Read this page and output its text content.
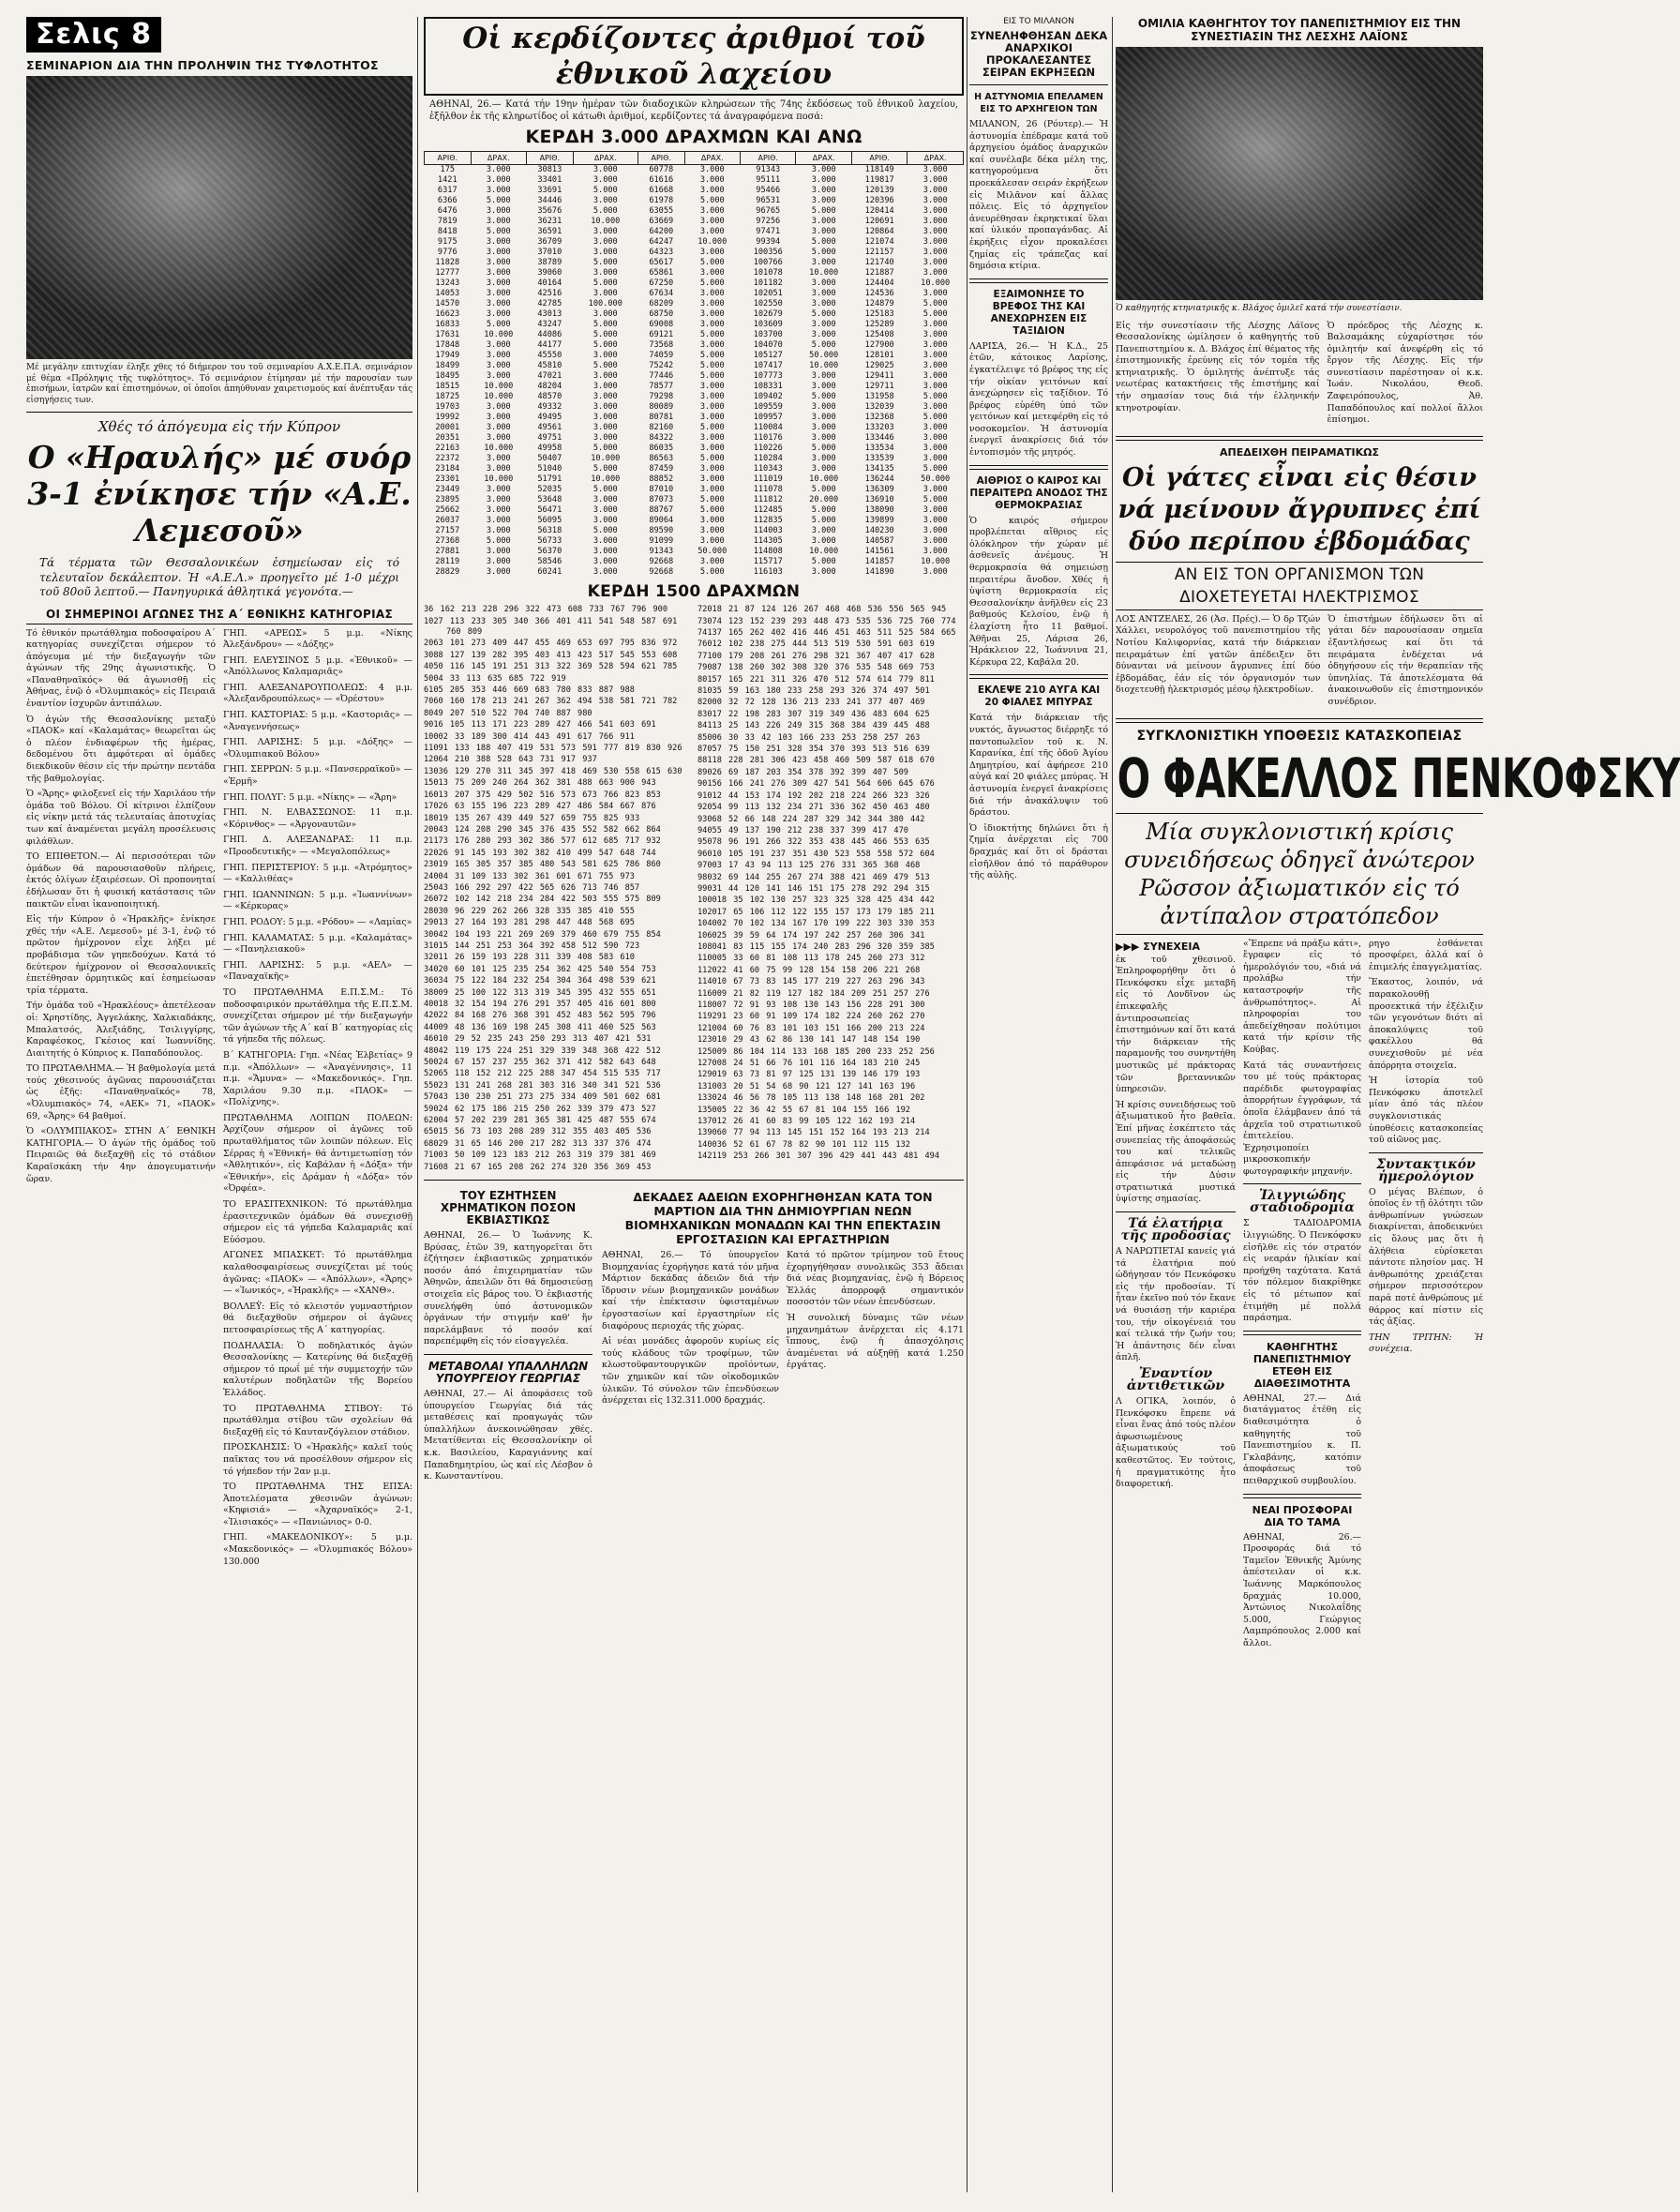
Σελις 8
ΣΕΜΙΝΑΡΙΟΝ ΔΙΑ ΤΗΝ ΠΡΟΛΗΨΙΝ ΤΗΣ ΤΥΦΛΟΤΗΤΟΣ

Μέ μεγάλην επιτυχίαν έληξε χθες τό διήμερον του τοῦ σεμιναρίου Α.Χ.Ε.Π.Α. σεμινάριον μέ θέμα «Πρόληψις τῆς τυφλότητος». Τό σεμινάριον ἐτίμησαν μέ τήν παρουσίαν των ἐπισήμων, ἰατρῶν καί ἐπιστημόνων, οἱ ὁποῖοι ἀπηύθυναν χαιρετισμούς καί ἀνέπτυξαν τάς εἰσηγήσεις των.

Χθές τό ἀπόγευμα εἰς τήν Κύπρον
Ο «Ηραυλής» μέ συόρ 3-1 ἐνίκησε τήν «Α.Ε. Λεμεσοῦ»

Τά τέρματα τῶν Θεσσαλονικέων ἐσημείωσαν εἰς τό τελευταῖον δεκάλεπτον. Ἡ «Α.Ε.Λ.» προηγεῖτο μέ 1-0 μέχρι τοῦ 80οῦ λεπτοῦ.— Πανηγυρικά ἀθλητικά γεγονότα.—

ΟΙ ΣΗΜΕΡΙΝΟΙ ΑΓΩΝΕΣ ΤΗΣ Α΄ ΕΘΝΙΚΗΣ ΚΑΤΗΓΟΡΙΑΣ

Τό ἐθνικόν πρωτάθλημα ποδοσφαίρου Α΄ κατηγορίας συνεχίζεται σήμερον τό ἀπόγευμα μέ τήν διεξαγωγήν τῶν ἀγώνων τῆς 29ης ἀγωνιστικῆς. Ὁ «Παναθηναϊκός» θά ἀγωνισθῇ εἰς Ἀθήνας, ἐνῷ ὁ «Ὀλυμπιακός» εἰς Πειραιᾶ ἐναντίον ἰσχυρῶν ἀντιπάλων.

Ὁ ἀγών τῆς Θεσσαλονίκης μεταξύ «ΠΑΟΚ» καί «Καλαμάτας» θεωρεῖται ὡς ὁ πλέον ἐνδιαφέρων τῆς ἡμέρας, δεδομένου ὅτι ἀμφότεραι αἱ ὁμάδες διεκδικοῦν θέσιν εἰς τήν πρώτην πεντάδα τῆς βαθμολογίας.

Ὁ «Ἄρης» φιλοξενεῖ εἰς τήν Χαριλάου τήν ὁμάδα τοῦ Βόλου. Οἱ κίτρινοι ἐλπίζουν εἰς νίκην μετά τάς τελευταίας ἀποτυχίας των καί ἀναμένεται μεγάλη προσέλευσις φιλάθλων.

ΤΟ ΕΠΙΘΕΤΟΝ.— Αἱ περισσότεραι τῶν ὁμάδων θά παρουσιασθοῦν πλήρεις, ἐκτός ὀλίγων ἐξαιρέσεων. Οἱ προπονηταί ἐδήλωσαν ὅτι ἡ φυσική κατάστασις τῶν παικτῶν εἶναι ἱκανοποιητική.

Εἰς τήν Κύπρον ὁ «Ἡρακλῆς» ἐνίκησε χθές τήν «Α.Ε. Λεμεσοῦ» μέ 3-1, ἐνῷ τό πρῶτον ἡμίχρονον εἶχε λήξει μέ προβάδισμα τῶν γηπεδούχων. Κατά τό δεύτερον ἡμίχρονον οἱ Θεσσαλονικεῖς ἐπετέθησαν ὁρμητικῶς καί ἐσημείωσαν τρία τέρματα.

Τήν ὁμάδα τοῦ «Ἡρακλέους» ἀπετέλεσαν οἱ: Χρηστίδης, Ἀγγελάκης, Χαλκιαδάκης, Μπαλατσός, Ἀλεξιάδης, Τσιλιγγίρης, Καραφέσκος, Γκέσιος καί Ἰωαννίδης. Διαιτητής ὁ Κύπριος κ. Παπαδόπουλος.

ΤΟ ΠΡΩΤΑΘΛΗΜΑ.— Ἡ βαθμολογία μετά τούς χθεσινούς ἀγῶνας παρουσιάζεται ὡς ἑξῆς: «Παναθηναϊκός» 78, «Ὀλυμπιακός» 74, «ΑΕΚ» 71, «ΠΑΟΚ» 69, «Ἄρης» 64 βαθμοί.

Ὁ «ΟΛΥΜΠΙΑΚΟΣ» ΣΤΗΝ Α΄ ΕΘΝΙΚΗ ΚΑΤΗΓΟΡΙΑ.— Ὁ ἀγών τῆς ὁμάδος τοῦ Πειραιῶς θά διεξαχθῇ εἰς τό στάδιον Καραϊσκάκη τήν 4ην ἀπογευματινήν ὥραν.

ΓΗΠ. «ΑΡΕΩΣ» 5 μ.μ. «Νίκης Ἀλεξάνδρου» — «Δόξης»

ΓΗΠ. ΕΛΕΥΣΙΝΟΣ 5 μ.μ. «Ἐθνικοῦ» — «Ἀπόλλωνος Καλαμαριᾶς»

ΓΗΠ. ΑΛΕΞΑΝΔΡΟΥΠΟΛΕΩΣ: 4 μ.μ. «Ἀλεξανδρουπόλεως» — «Ὀρέστου»

ΓΗΠ. ΚΑΣΤΟΡΙΑΣ: 5 μ.μ. «Καστοριᾶς» — «Ἀναγεννήσεως»

ΓΗΠ. ΛΑΡΙΣΗΣ: 5 μ.μ. «Δόξης» — «Ὀλυμπιακοῦ Βόλου»

ΓΗΠ. ΣΕΡΡΩΝ: 5 μ.μ. «Πανσερραϊκοῦ» — «Ἑρμῆ»

ΓΗΠ. ΠΟΛΥΓ: 5 μ.μ. «Νίκης» — «Ἄρη»

ΓΗΠ. Ν. ΕΛΒΑΣΣΩΝΟΣ: 11 π.μ. «Κόρινθος» — «Ἀργοναυτῶν»

ΓΗΠ. Δ. ΑΛΕΞΑΝΔΡΑΣ: 11 π.μ. «Προοδευτικῆς» — «Μεγαλοπόλεως»

ΓΗΠ. ΠΕΡΙΣΤΕΡΙΟΥ: 5 μ.μ. «Ἀτρόμητος» — «Καλλιθέας»

ΓΗΠ. ΙΩΑΝΝΙΝΩΝ: 5 μ.μ. «Ἰωαννίνων» — «Κέρκυρας»

ΓΗΠ. ΡΟΔΟΥ: 5 μ.μ. «Ρόδου» — «Λαμίας»

ΓΗΠ. ΚΑΛΑΜΑΤΑΣ: 5 μ.μ. «Καλαμάτας» — «Πανηλειακοῦ»

ΓΗΠ. ΛΑΡΙΣΗΣ: 5 μ.μ. «ΑΕΛ» — «Παναχαϊκῆς»

ΤΟ ΠΡΩΤΑΘΛΗΜΑ Ε.Π.Σ.Μ.: Τό ποδοσφαιρικόν πρωτάθλημα τῆς Ε.Π.Σ.Μ. συνεχίζεται σήμερον μέ τήν διεξαγωγήν τῶν ἀγώνων τῆς Α΄ καί Β΄ κατηγορίας εἰς τά γήπεδα τῆς πόλεως.

Β΄ ΚΑΤΗΓΟΡΙΑ: Γηπ. «Νέας Ἑλβετίας» 9 π.μ. «Ἀπόλλων» — «Ἀναγέννησις», 11 π.μ. «Ἄμυνα» — «Μακεδονικός». Γηπ. Χαριλάου 9.30 π.μ. «ΠΑΟΚ» — «Πολίχνης».

ΠΡΩΤΑΘΛΗΜΑ ΛΟΙΠΩΝ ΠΟΛΕΩΝ: Ἀρχίζουν σήμερον οἱ ἀγῶνες τοῦ πρωταθλήματος τῶν λοιπῶν πόλεων. Εἰς Σέρρας ἡ «Ἐθνική» θά ἀντιμετωπίσῃ τόν «Ἀθλητικόν», εἰς Καβάλαν ἡ «Δόξα» τήν «Ἐθνικήν», εἰς Δράμαν ἡ «Δόξα» τόν «Ὀρφέα».

ΤΟ ΕΡΑΣΙΤΕΧΝΙΚΟΝ: Τό πρωτάθλημα ἐρασιτεχνικῶν ὁμάδων θά συνεχισθῇ σήμερον εἰς τά γήπεδα Καλαμαριᾶς καί Εὐόσμου.

ΑΓΩΝΕΣ ΜΠΑΣΚΕΤ: Τό πρωτάθλημα καλαθοσφαιρίσεως συνεχίζεται μέ τούς ἀγῶνας: «ΠΑΟΚ» — «Ἀπόλλων», «Ἄρης» — «Ἰωνικός», «Ἡρακλῆς» — «ΧΑΝΘ».

ΒΟΛΛΕΫ: Εἰς τό κλειστόν γυμναστήριον θά διεξαχθοῦν σήμερον οἱ ἀγῶνες πετοσφαιρίσεως τῆς Α΄ κατηγορίας.

ΠΟΔΗΛΑΣΙΑ: Ὁ ποδηλατικός ἀγών Θεσσαλονίκης — Κατερίνης θά διεξαχθῇ σήμερον τό πρωΐ μέ τήν συμμετοχήν τῶν καλυτέρων ποδηλατῶν τῆς Βορείου Ἑλλάδος.

ΤΟ ΠΡΩΤΑΘΛΗΜΑ ΣΤΙΒΟΥ: Τό πρωτάθλημα στίβου τῶν σχολείων θά διεξαχθῇ εἰς τό Καυτανζόγλειον στάδιον.

ΠΡΟΣΚΛΗΣΙΣ: Ὁ «Ἡρακλῆς» καλεῖ τούς παῖκτας του νά προσέλθουν σήμερον εἰς τό γήπεδον τήν 2αν μ.μ.

ΤΟ ΠΡΩΤΑΘΛΗΜΑ ΤΗΣ ΕΠΣΑ: Ἀποτελέσματα χθεσινῶν ἀγώνων: «Κηφισιά» — «Ἀχαρναϊκός» 2-1, «Ἰλισιακός» — «Πανιώνιος» 0-0.

ΓΗΠ. «ΜΑΚΕΔΟΝΙΚΟΥ»: 5 μ.μ. «Μακεδονικός» — «Ὀλυμπιακός Βόλου» 130.000

Οἱ κερδίζοντες ἀριθμοί τοῦ ἐθνικοῦ λαχείου

ΑΘΗΝΑΙ, 26.— Κατά τήν 19ην ἡμέραν τῶν διαδοχικῶν κληρώσεων τῆς 74ης ἐκδόσεως τοῦ ἐθνικοῦ λαχείου, ἐξῆλθον ἐκ τῆς κληρωτίδος οἱ κάτωθι ἀριθμοί, κερδίζοντες τά ἀναγραφόμενα ποσά:

ΚΕΡΔΗ 3.000 ΔΡΑΧΜΩΝ ΚΑΙ ΑΝΩ
ΑΡΙΘ.	ΔΡΑΧ.	ΑΡΙΘ.	ΔΡΑΧ.	ΑΡΙΘ.	ΔΡΑΧ.	ΑΡΙΘ.	ΔΡΑΧ.	ΑΡΙΘ.	ΔΡΑΧ.
175	3.000	30813	3.000	60778	3.000	91343	3.000	118149	3.000
1421	3.000	33401	3.000	61616	3.000	95111	3.000	119817	3.000
6317	3.000	33691	5.000	61668	3.000	95466	3.000	120139	3.000
6366	5.000	34446	3.000	61978	5.000	96531	3.000	120396	3.000
6476	3.000	35676	5.000	63055	3.000	96765	5.000	120414	3.000
7819	3.000	36231	10.000	63669	3.000	97256	3.000	120691	3.000
8418	5.000	36591	3.000	64200	3.000	97471	3.000	120864	3.000
9175	3.000	36709	3.000	64247	10.000	99394	5.000	121074	3.000
9776	3.000	37010	3.000	64323	3.000	100356	5.000	121157	3.000
11828	3.000	38789	5.000	65617	5.000	100766	3.000	121740	3.000
12777	3.000	39060	3.000	65861	3.000	101078	10.000	121887	3.000
13243	3.000	40164	5.000	67250	5.000	101182	3.000	124404	10.000
14053	3.000	42516	3.000	67634	3.000	102051	3.000	124536	3.000
14570	3.000	42785	100.000	68209	3.000	102550	3.000	124879	5.000
16623	3.000	43013	3.000	68750	3.000	102679	5.000	125183	5.000
16833	5.000	43247	5.000	69008	3.000	103609	3.000	125289	3.000
17631	10.000	44086	5.000	69121	5.000	103700	3.000	125408	3.000
17848	3.000	44177	5.000	73568	3.000	104070	5.000	127900	3.000
17949	3.000	45550	3.000	74059	5.000	105127	50.000	128101	3.000
18499	3.000	45810	5.000	75242	5.000	107417	10.000	129025	3.000
18495	3.000	47021	3.000	77446	5.000	107773	3.000	129411	3.000
18515	10.000	48204	3.000	78577	3.000	108331	3.000	129711	3.000
18725	10.000	48570	3.000	79298	3.000	109402	5.000	131958	5.000
19703	3.000	49332	3.000	80089	3.000	109559	3.000	132039	3.000
19992	3.000	49495	3.000	80781	3.000	109957	3.000	132368	5.000
20001	3.000	49561	3.000	82160	5.000	110084	3.000	133203	3.000
20351	3.000	49751	3.000	84322	3.000	110176	3.000	133446	3.000
22163	10.000	49958	5.000	86035	3.000	110226	5.000	133534	3.000
22372	3.000	50407	10.000	86563	5.000	110284	3.000	133539	3.000
23184	3.000	51040	5.000	87459	3.000	110343	3.000	134135	5.000
23301	10.000	51791	10.000	88852	3.000	111019	10.000	136244	50.000
23449	3.000	52035	5.000	87010	3.000	111078	5.000	136309	3.000
23895	3.000	53648	3.000	87073	5.000	111812	20.000	136910	5.000
25662	3.000	56471	3.000	88767	5.000	112485	5.000	138090	3.000
26037	3.000	56095	3.000	89064	3.000	112835	5.000	139899	3.000
27157	3.000	56318	5.000	89590	3.000	114003	3.000	140230	3.000
27368	5.000	56733	3.000	91099	3.000	114305	3.000	140587	3.000
27881	3.000	56370	3.000	91343	50.000	114808	10.000	141561	3.000
28119	3.000	58546	3.000	92668	3.000	115717	5.000	141857	10.000
28829	3.000	60241	3.000	92668	5.000	116103	3.000	141890	3.000
ΚΕΡΔΗ 1500 ΔΡΑΧΜΩΝ

36 162 213 228 296 322 473 608 733 767 796 900

1027 113 233 305 340 366 401 411 541 548 587 691 760 809

2063 101 273 409 447 455 469 653 697 795 836 972

3088 127 139 282 395 403 413 423 517 545 553 608

4050 116 145 191 251 313 322 369 528 594 621 785

5004 33 113 635 685 722 919

6105 205 353 446 669 683 780 833 887 988

7060 160 178 213 241 267 362 494 538 581 721 782

8049 207 510 522 704 740 887 980

9016 105 113 171 223 289 427 466 541 603 691

10002 33 189 300 414 443 491 617 766 911

11091 133 188 407 419 531 573 591 777 819 830 926

12064 210 388 528 643 731 917 937

13036 129 270 311 345 397 418 469 530 558 615 630

15013 75 209 240 264 362 381 488 663 900 943

16013 207 375 429 502 516 573 673 766 823 853

17026 63 155 196 223 289 427 486 584 667 876

18019 135 267 439 449 527 659 755 825 933

20043 124 208 290 345 376 435 552 582 662 864

21173 176 280 293 302 386 577 612 685 717 932

22026 91 145 193 302 382 410 499 547 648 744

23019 165 305 357 385 480 543 581 625 786 860

24004 31 109 133 302 361 601 671 755 973

25043 166 292 297 422 565 626 713 746 857

26072 102 142 218 234 284 422 503 555 575 809

28030 96 229 262 266 328 335 385 410 555

29013 27 164 193 281 298 447 448 568 695

30042 104 193 221 269 269 379 460 679 755 854

31015 144 251 253 364 392 458 512 590 723

32011 26 159 193 228 311 339 408 583 610

34020 60 101 125 235 254 362 425 540 554 753

36034 75 122 184 232 254 304 364 498 539 621

38009 25 100 122 313 319 345 395 432 555 651

40018 32 154 194 276 291 357 405 416 601 800

42022 84 168 276 368 391 452 483 562 595 796

44009 48 136 169 198 245 308 411 460 525 563

46010 29 52 235 243 250 293 313 407 421 531

48042 119 175 224 251 329 339 348 368 422 512

50024 67 157 237 255 362 371 412 582 643 648

52065 118 152 212 225 288 347 454 515 535 717

55023 131 241 268 281 303 316 340 341 521 536

57043 130 230 251 273 275 334 409 501 602 681

59024 62 175 186 215 250 262 339 379 473 527

62004 57 202 239 281 365 381 425 487 555 674

65015 56 73 103 208 289 312 355 403 405 536

68029 31 65 146 200 217 282 313 337 376 474

71003 50 109 123 183 212 263 319 379 381 469

71608 21 67 165 208 262 274 320 356 369 453

72018 21 87 124 126 267 468 468 536 556 565 945

73074 123 152 239 293 448 473 535 536 725 760 774

74137 165 262 402 416 446 451 463 511 525 584 665

76012 102 238 275 444 513 519 530 591 603 619

77100 179 208 261 276 298 321 367 407 417 628

79087 138 260 302 308 320 376 535 548 669 753

80157 165 221 311 326 470 512 574 614 779 811

81035 59 163 180 233 258 293 326 374 497 501

82000 32 72 128 136 213 233 241 377 407 469

83017 22 198 283 307 319 349 436 483 604 625

84113 25 143 226 249 315 368 384 439 445 488

85006 30 33 42 103 166 233 253 258 257 263

87057 75 150 251 328 354 370 393 513 516 639

88118 228 281 306 423 458 460 509 587 618 670

89026 69 187 203 354 378 392 399 407 509

90156 166 241 276 309 427 541 564 606 645 676

91012 44 153 174 192 202 218 224 266 323 326

92054 99 113 132 234 271 336 362 450 463 480

93068 52 66 148 224 287 329 342 344 380 442

94055 49 137 190 212 238 337 399 417 470

95078 96 191 266 322 353 438 445 466 553 635

96010 105 191 237 351 430 523 558 558 572 604

97003 17 43 94 113 125 276 331 365 368 468

98032 69 144 255 267 274 388 421 469 479 513

99031 44 120 141 146 151 175 278 292 294 315

100018 35 102 130 257 323 325 328 425 434 442

102017 65 106 112 122 155 157 173 179 185 211

104002 70 102 134 167 170 199 222 303 330 353

106025 39 59 64 174 197 242 257 260 306 341

108041 83 115 155 174 240 283 296 320 359 385

110005 33 60 81 108 113 178 245 260 273 312

112022 41 60 75 99 128 154 158 206 221 268

114010 67 73 83 145 177 219 227 263 296 343

116009 21 82 119 127 182 184 209 251 257 276

118007 72 91 93 108 130 143 156 228 291 300

119291 23 60 91 109 174 182 224 260 262 270

121004 60 76 83 101 103 151 166 200 213 224

123010 29 43 62 86 130 141 147 148 154 190

125009 86 104 114 133 168 185 200 233 252 256

127008 24 51 66 76 101 116 164 183 210 245

129019 63 73 81 97 125 131 139 146 179 193

131003 20 51 54 68 90 121 127 141 163 196

133024 46 56 78 105 113 138 148 168 201 202

135005 22 36 42 55 67 81 104 155 166 192

137012 26 41 60 83 99 105 122 162 193 214

139060 77 94 113 145 151 152 164 193 213 214

140036 52 61 67 78 82 90 101 112 115 132

142119 253 266 301 307 396 429 441 443 481 494

ΤΟΥ ΕΖΗΤΗΣΕΝ ΧΡΗΜΑΤΙΚΟΝ ΠΟΣΟΝ ΕΚΒΙΑΣΤΙΚΩΣ

ΑΘΗΝΑΙ, 26.— Ὁ Ἰωάννης Κ. Βρύσας, ἐτῶν 39, κατηγορεῖται ὅτι ἐζήτησεν ἐκβιαστικῶς χρηματικόν ποσόν ἀπό ἐπιχειρηματίαν τῶν Ἀθηνῶν, ἀπειλῶν ὅτι θά δημοσιεύσῃ στοιχεῖα εἰς βάρος του. Ὁ ἐκβιαστής συνελήφθη ὑπό ἀστυνομικῶν ὀργάνων τήν στιγμήν καθ' ἥν παρελάμβανε τό ποσόν καί παρεπέμφθη εἰς τόν εἰσαγγελέα.

ΜΕΤΑΒΟΛΑΙ ΥΠΑΛΛΗΛΩΝ ΥΠΟΥΡΓΕΙΟΥ ΓΕΩΡΓΙΑΣ

ΑΘΗΝΑΙ, 27.— Αἱ ἀποφάσεις τοῦ ὑπουργείου Γεωργίας διά τάς μεταθέσεις καί προαγωγάς τῶν ὑπαλλήλων ἀνεκοινώθησαν χθές. Μετατίθενται εἰς Θεσσαλονίκην οἱ κ.κ. Βασιλείου, Καραγιάννης καί Παπαδημητρίου, ὡς καί εἰς Λέσβον ὁ κ. Κωνσταντίνου.

ΔΕΚΑΔΕΣ ΑΔΕΙΩΝ ΕΧΟΡΗΓΗΘΗΣΑΝ ΚΑΤΑ ΤΟΝ ΜΑΡΤΙΟΝ ΔΙΑ ΤΗΝ ΔΗΜΙΟΥΡΓΙΑΝ ΝΕΩΝ ΒΙΟΜΗΧΑΝΙΚΩΝ ΜΟΝΑΔΩΝ ΚΑΙ ΤΗΝ ΕΠΕΚΤΑΣΙΝ ΕΡΓΟΣΤΑΣΙΩΝ ΚΑΙ ΕΡΓΑΣΤΗΡΙΩΝ

ΑΘΗΝΑΙ, 26.— Τό ὑπουργεῖον Βιομηχανίας ἐχορήγησε κατά τόν μῆνα Μάρτιον δεκάδας ἀδειῶν διά τήν ἵδρυσιν νέων βιομηχανικῶν μονάδων καί τήν ἐπέκτασιν ὑφισταμένων ἐργοστασίων καί ἐργαστηρίων εἰς διαφόρους περιοχάς τῆς χώρας.

Αἱ νέαι μονάδες ἀφοροῦν κυρίως εἰς τούς κλάδους τῶν τροφίμων, τῶν κλωστοϋφαντουργικῶν προϊόντων, τῶν χημικῶν καί τῶν οἰκοδομικῶν ὑλικῶν. Τό σύνολον τῶν ἐπενδύσεων ἀνέρχεται εἰς 132.311.000 δραχμάς.

Κατά τό πρῶτον τρίμηνον τοῦ ἔτους ἐχορηγήθησαν συνολικῶς 353 ἄδειαι διά νέας βιομηχανίας, ἐνῷ ἡ Βόρειος Ἑλλάς ἀπορροφᾷ σημαντικόν ποσοστόν τῶν νέων ἐπενδύσεων.

Ἡ συνολική δύναμις τῶν νέων μηχανημάτων ἀνέρχεται εἰς 4.171 ἵππους, ἐνῷ ἡ ἀπασχόλησις ἀναμένεται νά αὐξηθῇ κατά 1.250 ἐργάτας.

ΕΙΣ ΤΟ ΜΙΛΑΝΟΝ
ΣΥΝΕΛΗΦΘΗΣΑΝ ΔΕΚΑ ΑΝΑΡΧΙΚΟΙ ΠΡΟΚΑΛΕΣΑΝΤΕΣ ΣΕΙΡΑΝ ΕΚΡΗΞΕΩΝ
Η ΑΣΤΥΝΟΜΙΑ ΕΠΕΛΑΜΕΝ ΕΙΣ ΤΟ ΑΡΧΗΓΕΙΟΝ ΤΩΝ

ΜΙΛΑΝΟΝ, 26 (Ρόυτερ).— Ἡ ἀστυνομία ἐπέδραμε κατά τοῦ ἀρχηγείου ὁμάδος ἀναρχικῶν καί συνέλαβε δέκα μέλη της, κατηγορούμενα ὅτι προεκάλεσαν σειράν ἐκρήξεων εἰς Μιλᾶνον καί ἄλλας πόλεις. Εἰς τό ἀρχηγεῖον ἀνευρέθησαν ἐκρηκτικαί ὕλαι καί ὑλικόν προπαγάνδας. Αἱ ἐκρήξεις εἶχον προκαλέσει ζημίας εἰς τράπεζας καί δημόσια κτίρια.

ΕΞΑΙΜΟΝΗΣΕ ΤΟ ΒΡΕΦΟΣ ΤΗΣ ΚΑΙ ΑΝΕΧΩΡΗΣΕΝ ΕΙΣ ΤΑΞΙΔΙΟΝ

ΛΑΡΙΣΑ, 26.— Ἡ Κ.Δ., 25 ἐτῶν, κάτοικος Λαρίσης, ἐγκατέλειψε τό βρέφος της εἰς τήν οἰκίαν γειτόνων καί ἀνεχώρησεν εἰς ταξίδιον. Τό βρέφος εὑρέθη ὑπό τῶν γειτόνων καί μετεφέρθη εἰς τό νοσοκομεῖον. Ἡ ἀστυνομία ἐνεργεῖ ἀνακρίσεις διά τόν ἐντοπισμόν τῆς μητρός.

ΑΙΘΡΙΟΣ Ο ΚΑΙΡΟΣ ΚΑΙ ΠΕΡΑΙΤΕΡΩ ΑΝΟΔΟΣ ΤΗΣ ΘΕΡΜΟΚΡΑΣΙΑΣ

Ὁ καιρός σήμερον προβλέπεται αἴθριος εἰς ὁλόκληρον τήν χώραν μέ ἀσθενεῖς ἀνέμους. Ἡ θερμοκρασία θά σημειώσῃ περαιτέρω ἄνοδον. Χθές ἡ ὑψίστη θερμοκρασία εἰς Θεσσαλονίκην ἀνῆλθεν εἰς 23 βαθμούς Κελσίου, ἐνῷ ἡ ἐλαχίστη ἦτο 11 βαθμοί. Ἀθῆναι 25, Λάρισα 26, Ἡράκλειον 22, Ἰωάννινα 21, Κέρκυρα 22, Καβάλα 20.

ΕΚΛΕΨΕ 210 ΑΥΓΑ ΚΑΙ 20 ΦΙΑΛΕΣ ΜΠΥΡΑΣ

Κατά τήν διάρκειαν τῆς νυκτός, ἄγνωστος διέρρηξε τό παντοπωλεῖον τοῦ κ. Ν. Καρανίκα, ἐπί τῆς ὁδοῦ Ἀγίου Δημητρίου, καί ἀφήρεσε 210 αὐγά καί 20 φιάλες μπύρας. Ἡ ἀστυνομία ἐνεργεῖ ἀνακρίσεις διά τήν ἀνακάλυψιν τοῦ δράστου.

Ὁ ἰδιοκτήτης δηλώνει ὅτι ἡ ζημία ἀνέρχεται εἰς 700 δραχμάς καί ὅτι οἱ δράσται εἰσῆλθον ἀπό τό παράθυρον τῆς αὐλῆς.

ΟΜΙΛΙΑ ΚΑΘΗΓΗΤΟΥ ΤΟΥ ΠΑΝΕΠΙΣΤΗΜΙΟΥ ΕΙΣ ΤΗΝ ΣΥΝΕΣΤΙΑΣΙΝ ΤΗΣ ΛΕΣΧΗΣ ΛΑΪΟΝΣ

Ὁ καθηγητής κτηνιατρικῆς κ. Βλάχος ὁμιλεῖ κατά τήν συνεστίασιν.

Εἰς τήν συνεστίασιν τῆς Λέσχης Λάϊονς Θεσσαλονίκης ὡμίλησεν ὁ καθηγητής τοῦ Πανεπιστημίου κ. Δ. Βλάχος ἐπί θέματος τῆς ἐπιστημονικῆς ἐρεύνης εἰς τόν τομέα τῆς κτηνιατρικῆς. Ὁ ὁμιλητής ἀνέπτυξε τάς νεωτέρας κατακτήσεις τῆς ἐπιστήμης καί τήν σημασίαν τους διά τήν ἑλληνικήν κτηνοτροφίαν.

Ὁ πρόεδρος τῆς Λέσχης κ. Βαλσαμάκης εὐχαρίστησε τόν ὁμιλητήν καί ἀνεφέρθη εἰς τό ἔργον τῆς Λέσχης. Εἰς τήν συνεστίασιν παρέστησαν οἱ κ.κ. Ἰωάν. Νικολάου, Θεοδ. Ζαφειρόπουλος, Ἀθ. Παπαδόπουλος καί πολλοί ἄλλοι ἐπίσημοι.

ΑΠΕΔΕΙΧΘΗ ΠΕΙΡΑΜΑΤΙΚΩΣ
Οἱ γάτες εἶναι εἰς θέσιν νά μείνουν ἄγρυπνες ἐπί δύο περίπου ἑβδομάδας
ΑΝ ΕΙΣ ΤΟΝ ΟΡΓΑΝΙΣΜΟΝ ΤΩΝ
ΔΙΟΧΕΤΕΥΕΤΑΙ ΗΛΕΚΤΡΙΣΜΟΣ

ΛΟΣ ΑΝΤΖΕΛΕΣ, 26 (Ἀσ. Πρές).— Ὁ δρ Τζών Χάλλει, νευρολόγος τοῦ πανεπιστημίου τῆς Νοτίου Καλιφορνίας, κατά τήν διάρκειαν πειραμάτων ἐπί γατῶν ἀπέδειξεν ὅτι δύνανται νά μείνουν ἄγρυπνες ἐπί δύο ἑβδομάδας, ἐάν εἰς τόν ὀργανισμόν των διοχετευθῇ ἡλεκτρισμός μέσῳ ἠλεκτροδίων.

Ὁ ἐπιστήμων ἐδήλωσεν ὅτι αἱ γάται δέν παρουσίασαν σημεῖα ἐξαντλήσεως καί ὅτι τά πειράματα ἐνδέχεται νά ὁδηγήσουν εἰς τήν θεραπείαν τῆς ὑπνηλίας. Τά ἀποτελέσματα θά ἀνακοινωθοῦν εἰς ἐπιστημονικόν συνέδριον.

ΣΥΓΚΛΟΝΙΣΤΙΚΗ ΥΠΟΘΕΣΙΣ ΚΑΤΑΣΚΟΠΕΙΑΣ
Ο ΦΑΚΕΛΛΟΣ ΠΕΝΚΟΦΣΚΥ
Μία συγκλονιστική κρίσις συνειδήσεως ὁδηγεῖ ἀνώτερον Ρῶσσον ἀξιωματικόν εἰς τό ἀντίπαλον στρατόπεδον
▶▶▶ ΣΥΝΕΧΕΙΑ

ἐκ τοῦ χθεσινοῦ. Ἐπληροφορήθην ὅτι ὁ Πενκόφσκυ εἶχε μεταβῆ εἰς τό Λονδῖνον ὡς ἐπικεφαλῆς ἀντιπροσωπείας ἐπιστημόνων καί ὅτι κατά τήν διάρκειαν τῆς παραμονῆς του συνηντήθη μυστικῶς μέ πράκτορας τῶν βρεταννικῶν ὑπηρεσιῶν.

Ἡ κρίσις συνειδήσεως τοῦ ἀξιωματικοῦ ἦτο βαθεῖα. Ἐπί μῆνας ἐσκέπτετο τάς συνεπείας τῆς ἀποφάσεώς του καί τελικῶς ἀπεφάσισε νά μεταδώσῃ εἰς τήν Δύσιν στρατιωτικά μυστικά ὑψίστης σημασίας.

Τά ἐλατήρια τῆς προδοσίας

Α ΝΑΡΩΤΙΕΤΑΙ κανείς γιά τά ἐλατήρια πού ὠδήγησαν τόν Πενκόφσκυ εἰς τήν προδοσίαν. Τί ἦταν ἐκεῖνο πού τόν ἔκανε νά θυσιάσῃ τήν καριέρα του, τήν οἰκογένειά του καί τελικά τήν ζωήν του; Ἡ ἀπάντησις δέν εἶναι ἁπλῆ.

Ἐναντίον ἀντιθετικῶν

Λ ΟΓΙΚΑ, λοιπόν, ὁ Πενκόφσκυ ἔπρεπε νά εἶναι ἕνας ἀπό τούς πλέον ἀφωσιωμένους ἀξιωματικούς τοῦ καθεστῶτος. Ἐν τούτοις, ἡ πραγματικότης ἦτο διαφορετική.

«Ἔπρεπε νά πράξω κάτι», ἔγραφεν εἰς τό ἡμερολόγιόν του, «διά νά προλάβω τήν καταστροφήν τῆς ἀνθρωπότητος». Αἱ πληροφορίαι του ἀπεδείχθησαν πολύτιμοι κατά τήν κρίσιν τῆς Κούβας.

Κατά τάς συναντήσεις του μέ τούς πράκτορας παρέδιδε φωτογραφίας ἀπορρήτων ἐγγράφων, τά ὁποῖα ἐλάμβανεν ἀπό τά ἀρχεῖα τοῦ στρατιωτικοῦ ἐπιτελείου. Ἐχρησιμοποίει μικροσκοπικήν φωτογραφικήν μηχανήν.

Ἰλιγγιώδης σταδιοδρομία

Σ ΤΑΔΙΟΔΡΟΜΙΑ ἰλιγγιώδης. Ὁ Πενκόφσκυ εἰσῆλθε εἰς τόν στρατόν εἰς νεαράν ἡλικίαν καί προήχθη ταχύτατα. Κατά τόν πόλεμον διακρίθηκε εἰς τό μέτωπον καί ἐτιμήθη μέ πολλά παράσημα.

ΚΑΘΗΓΗΤΗΣ ΠΑΝΕΠΙΣΤΗΜΙΟΥ ΕΤΕΘΗ ΕΙΣ ΔΙΑΘΕΣΙΜΟΤΗΤΑ

ΑΘΗΝΑΙ, 27.— Διά διατάγματος ἐτέθη εἰς διαθεσιμότητα ὁ καθηγητής τοῦ Πανεπιστημίου κ. Π. Γκλαβάνης, κατόπιν ἀποφάσεως τοῦ πειθαρχικοῦ συμβουλίου.

ΝΕΑΙ ΠΡΟΣΦΟΡΑΙ ΔΙΑ ΤΟ ΤΑΜΑ

ΑΘΗΝΑΙ, 26.— Προσφοράς διά τό Ταμεῖον Ἐθνικῆς Ἀμύνης ἀπέστειλαν οἱ κ.κ. Ἰωάννης Μαρκόπουλος δραχμάς 10.000, Ἀντώνιος Νικολαΐδης 5.000, Γεώργιος Λαμπρόπουλος 2.000 καί ἄλλοι.

ρηγο ἐσθάνεται προσφέρει, ἀλλά καί ὁ ἐπιμελής ἐπαγγελματίας.

Ἕκαστος, λοιπόν, νά παρακολουθῇ προσεκτικά τήν ἐξέλιξιν τῶν γεγονότων διότι αἱ ἀποκαλύψεις τοῦ φακέλλου θά συνεχισθοῦν μέ νέα ἀπόρρητα στοιχεῖα.

Ἡ ἱστορία τοῦ Πενκόφσκυ ἀποτελεῖ μίαν ἀπό τάς πλέον συγκλονιστικάς ὑποθέσεις κατασκοπείας τοῦ αἰῶνος μας.

Συντακτικόν ἡμερολόγιον

Ο μέγας Βλέπων, ὁ ὁποῖος ἐν τῇ ὁλότητι τῶν ἀνθρωπίνων γνώσεων διακρίνεται, ἀποδεικνύει εἰς ὅλους μας ὅτι ἡ ἀλήθεια εὑρίσκεται πάντοτε πλησίον μας. Ἡ ἀνθρωπότης χρειάζεται σήμερον περισσότερον παρά ποτέ ἀνθρώπους μέ θάρρος καί πίστιν εἰς τάς ἀξίας.

ΤΗΝ ΤΡΙΤΗΝ: Ἡ συνέχεια.
